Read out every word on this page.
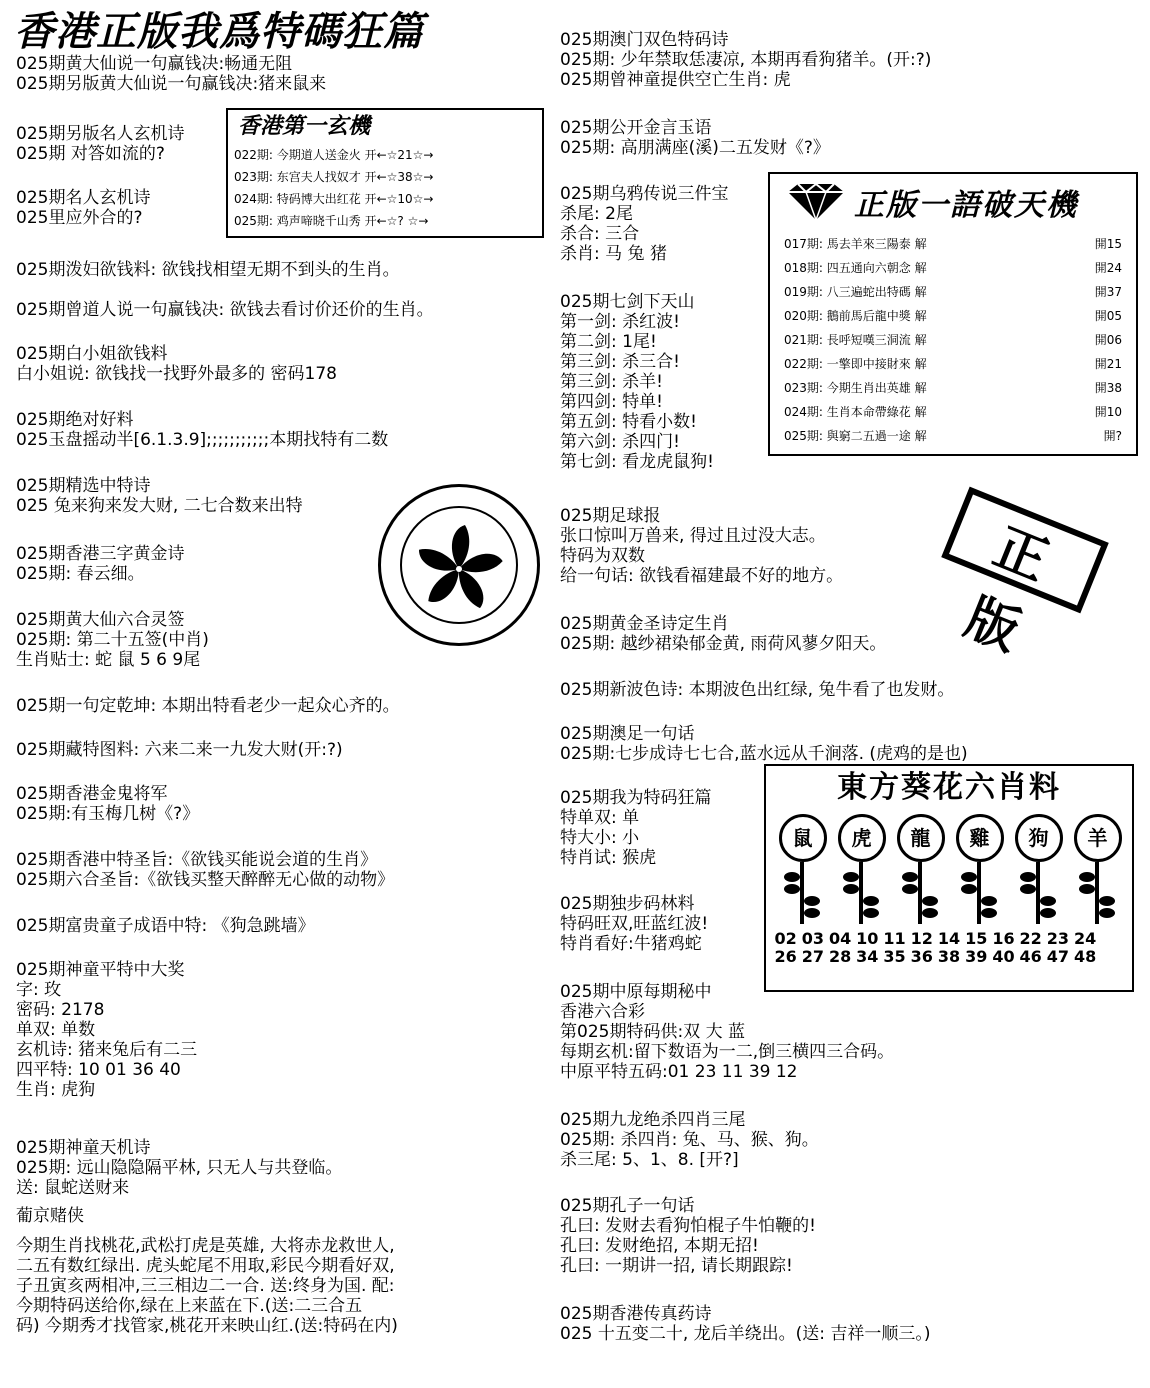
香港正版我爲特碼狂篇
025期黄大仙说一句赢钱决:畅通无阻
025期另版黄大仙说一句赢钱决:猪来鼠来
025期另版名人玄机诗
025期 对答如流的?
025期名人玄机诗
025里应外合的?
025期泼妇欲钱料: 欲钱找相望无期不到头的生肖。
025期曾道人说一句赢钱决: 欲钱去看讨价还价的生肖。
025期白小姐欲钱料
白小姐说: 欲钱找一找野外最多的 密码178
025期绝对好料
025玉盘摇动半[6.1.3.9];;;;;;;;;;;本期找特有二数
025期精选中特诗
025 兔来狗来发大财, 二七合数来出特
025期香港三字黄金诗
025期: 春云细。
025期黄大仙六合灵签
025期: 第二十五签(中肖)
生肖贴士: 蛇 鼠 5 6 9尾
025期一句定乾坤: 本期出特看老少一起众心齐的。
025期藏特图料: 六来二来一九发大财(开:?)
025期香港金鬼将军
025期:有玉梅几树《?》
025期香港中特圣旨:《欲钱买能说会道的生肖》
025期六合圣旨:《欲钱买整天醉醉无心做的动物》
025期富贵童子成语中特: 《狗急跳墙》
025期神童平特中大奖
字: 玫
密码: 2178
单双: 单数
玄机诗: 猪来兔后有二三
四平特: 10 01 36 40
生肖: 虎狗
025期神童天机诗
025期: 远山隐隐隔平林, 只无人与共登临。
送: 鼠蛇送财来
葡京赌侠
今期生肖找桃花,武松打虎是英雄, 大将赤龙救世人,
二五有数红绿出. 虎头蛇尾不用取,彩民今期看好双,
子丑寅亥两相冲,三三相边二一合. 送:终身为国. 配:
今期特码送给你,绿在上来蓝在下.(送:二三合五
码) 今期秀才找管家,桃花开来映山红.(送:特码在内)
025期澳门双色特码诗
025期: 少年禁取恁凄凉, 本期再看狗猪羊。(开:?)
025期曾神童提供空亡生肖: 虎
025期公开金言玉语
025期: 高朋满座(溪)二五发财《?》
025期乌鸦传说三件宝
杀尾: 2尾
杀合: 三合
杀肖: 马 兔 猪
025期七剑下天山
第一剑: 杀红波!
第二剑: 1尾!
第三剑: 杀三合!
第三剑: 杀羊!
第四剑: 特单!
第五剑: 特看小数!
第六剑: 杀四门!
第七剑: 看龙虎鼠狗!
025期足球报
张口惊叫万兽来, 得过且过没大志。
特码为双数
给一句话: 欲钱看福建最不好的地方。
025期黄金圣诗定生肖
025期: 越纱裙染郁金黄, 雨荷风蓼夕阳天。
025期新波色诗: 本期波色出红绿, 兔牛看了也发财。
025期澳足一句话
025期:七步成诗七七合,蓝水远从千涧落. (虎鸡的是也)
025期我为特码狂篇
特单双: 单
特大小: 小
特肖试: 猴虎
025期独步码林料
特码旺双,旺蓝红波!
特肖看好:牛猪鸡蛇
025期中原每期秘中
香港六合彩
第025期特码供:双 大 蓝
每期玄机:留下数语为一二,倒三横四三合码。
中原平特五码:01 23 11 39 12
025期九龙绝杀四肖三尾
025期: 杀四肖: 兔、马、猴、狗。
杀三尾: 5、1、8. [开?]
025期孔子一句话
孔曰: 发财去看狗怕棍子牛怕鞭的!
孔曰: 发财绝招, 本期无招!
孔曰: 一期讲一招, 请长期跟踪!
025期香港传真药诗
025 十五变二十, 龙后羊绕出。(送: 吉祥一顺三。)
香港第一玄機
022期: 今期道人送金火 开←☆21☆→
023期: 东宫夫人找奴才 开←☆38☆→
024期: 特码博大出红花 开←☆10☆→
025期: 鸡声啼晓千山秀 开←☆? ☆→	正版一語破天機
017期: 馬去羊來三陽泰 解	開15
018期: 四五通向六朝念 解	開24
019期: 八三遍蛇出特碼 解	開37
020期: 鵝前馬后龍中獎 解	開05
021期: 長呼短嘆三洞流 解	開06
022期: 一擎即中接財來 解	開21
023期: 今期生肖出英雄 解	開38
024期: 生肖本命帶綠花 解	開10
025期: 與窮二五過一途 解	開?
正版
東方葵花六肖料
鼠	虎	龍	雞	狗	羊
02 03 04 10 11 12 14 15 16 22 23 24
26 27 28 34 35 36 38 39 40 46 47 48
